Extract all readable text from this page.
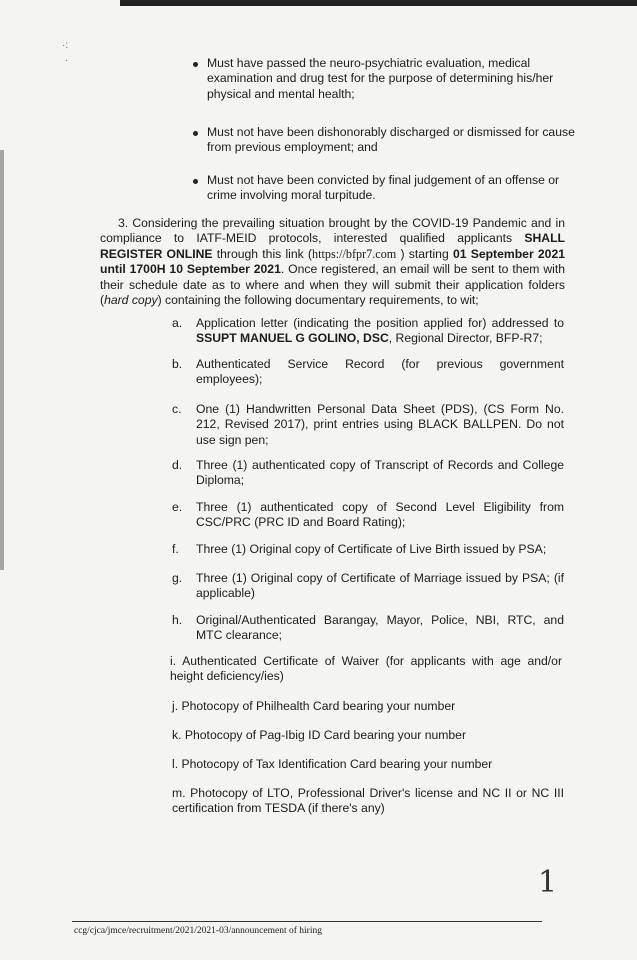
·:
·	Must have passed the neuro-psychiatric evaluation, medical examination and drug test for the purpose of determining his/her physical and mental health;
Must not have been dishonorably discharged or dismissed for cause from previous employment; and
Must not have been convicted by final judgement of an offense or crime involving moral turpitude.
3. Considering the prevailing situation brought by the COVID-19 Pandemic and in compliance to IATF-MEID protocols, interested qualified applicants SHALL REGISTER ONLINE through this link (https://bfpr7.com ) starting 01 September 2021 until 1700H 10 September 2021. Once registered, an email will be sent to them with their schedule date as to where and when they will submit their application folders (hard copy) containing the following documentary requirements, to wit;
a.	Application letter (indicating the position applied for) addressed to SSUPT MANUEL G GOLINO, DSC, Regional Director, BFP-R7;
b.	Authenticated Service Record (for previous government employees);
c.	One (1) Handwritten Personal Data Sheet (PDS), (CS Form No. 212, Revised 2017), print entries using BLACK BALLPEN. Do not use sign pen;
d.	Three (1) authenticated copy of Transcript of Records and College Diploma;
e.	Three (1) authenticated copy of Second Level Eligibility from CSC/PRC (PRC ID and Board Rating);
f.	Three (1) Original copy of Certificate of Live Birth issued by PSA;
g.	Three (1) Original copy of Certificate of Marriage issued by PSA; (if applicable)
h.	Original/Authenticated Barangay, Mayor, Police, NBI, RTC, and MTC clearance;
i. Authenticated Certificate of Waiver (for applicants with age and/or height deficiency/ies)
j. Photocopy of Philhealth Card bearing your number
k. Photocopy of Pag-Ibig ID Card bearing your number
l. Photocopy of Tax Identification Card bearing your number
m. Photocopy of LTO, Professional Driver's license and NC II or NC III certification from TESDA (if there's any)
1
ccg/cjca/jmce/recruitment/2021/2021-03/announcement of hiring
